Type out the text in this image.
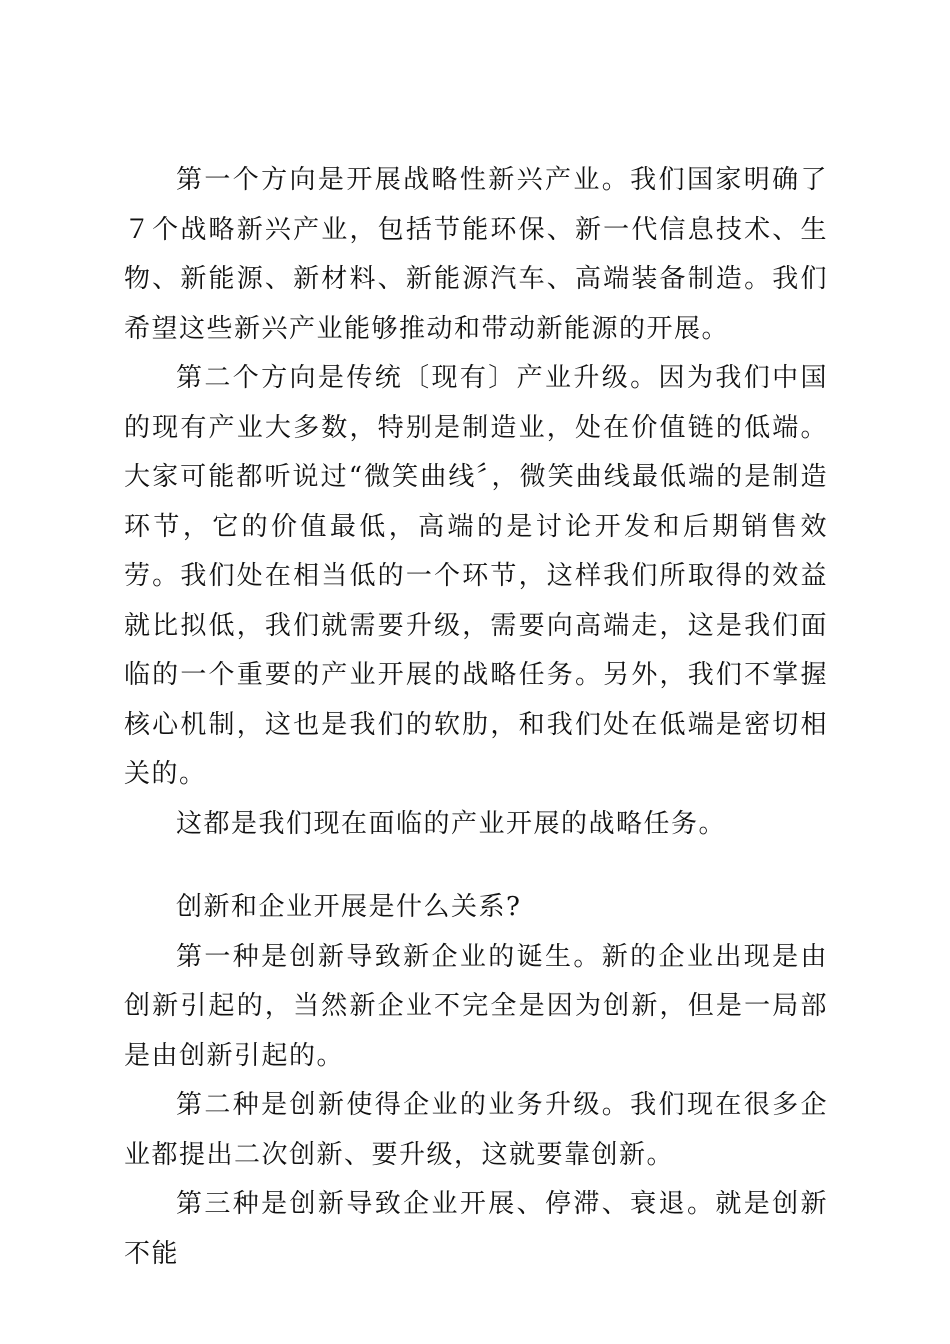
第一个方向是开展战略性新兴产业。我们国家明确了７个战略新兴产业，包括节能环保、新一代信息技术、生物、新能源、新材料、新能源汽车、高端装备制造。我们希望这些新兴产业能够推动和带动新能源的开展。

第二个方向是传统〔现有〕产业升级。因为我们中国的现有产业大多数，特别是制造业，处在价值链的低端。大家可能都听说过“微笑曲线〞，微笑曲线最低端的是制造环节，它的价值最低，高端的是讨论开发和后期销售效劳。我们处在相当低的一个环节，这样我们所取得的效益就比拟低，我们就需要升级，需要向高端走，这是我们面临的一个重要的产业开展的战略任务。另外，我们不掌握核心机制，这也是我们的软肋，和我们处在低端是密切相关的。

这都是我们现在面临的产业开展的战略任务。

创新和企业开展是什么关系?

第一种是创新导致新企业的诞生。新的企业出现是由创新引起的，当然新企业不完全是因为创新，但是一局部是由创新引起的。

第二种是创新使得企业的业务升级。我们现在很多企业都提出二次创新、要升级，这就要靠创新。

第三种是创新导致企业开展、停滞、衰退。就是创新不能
